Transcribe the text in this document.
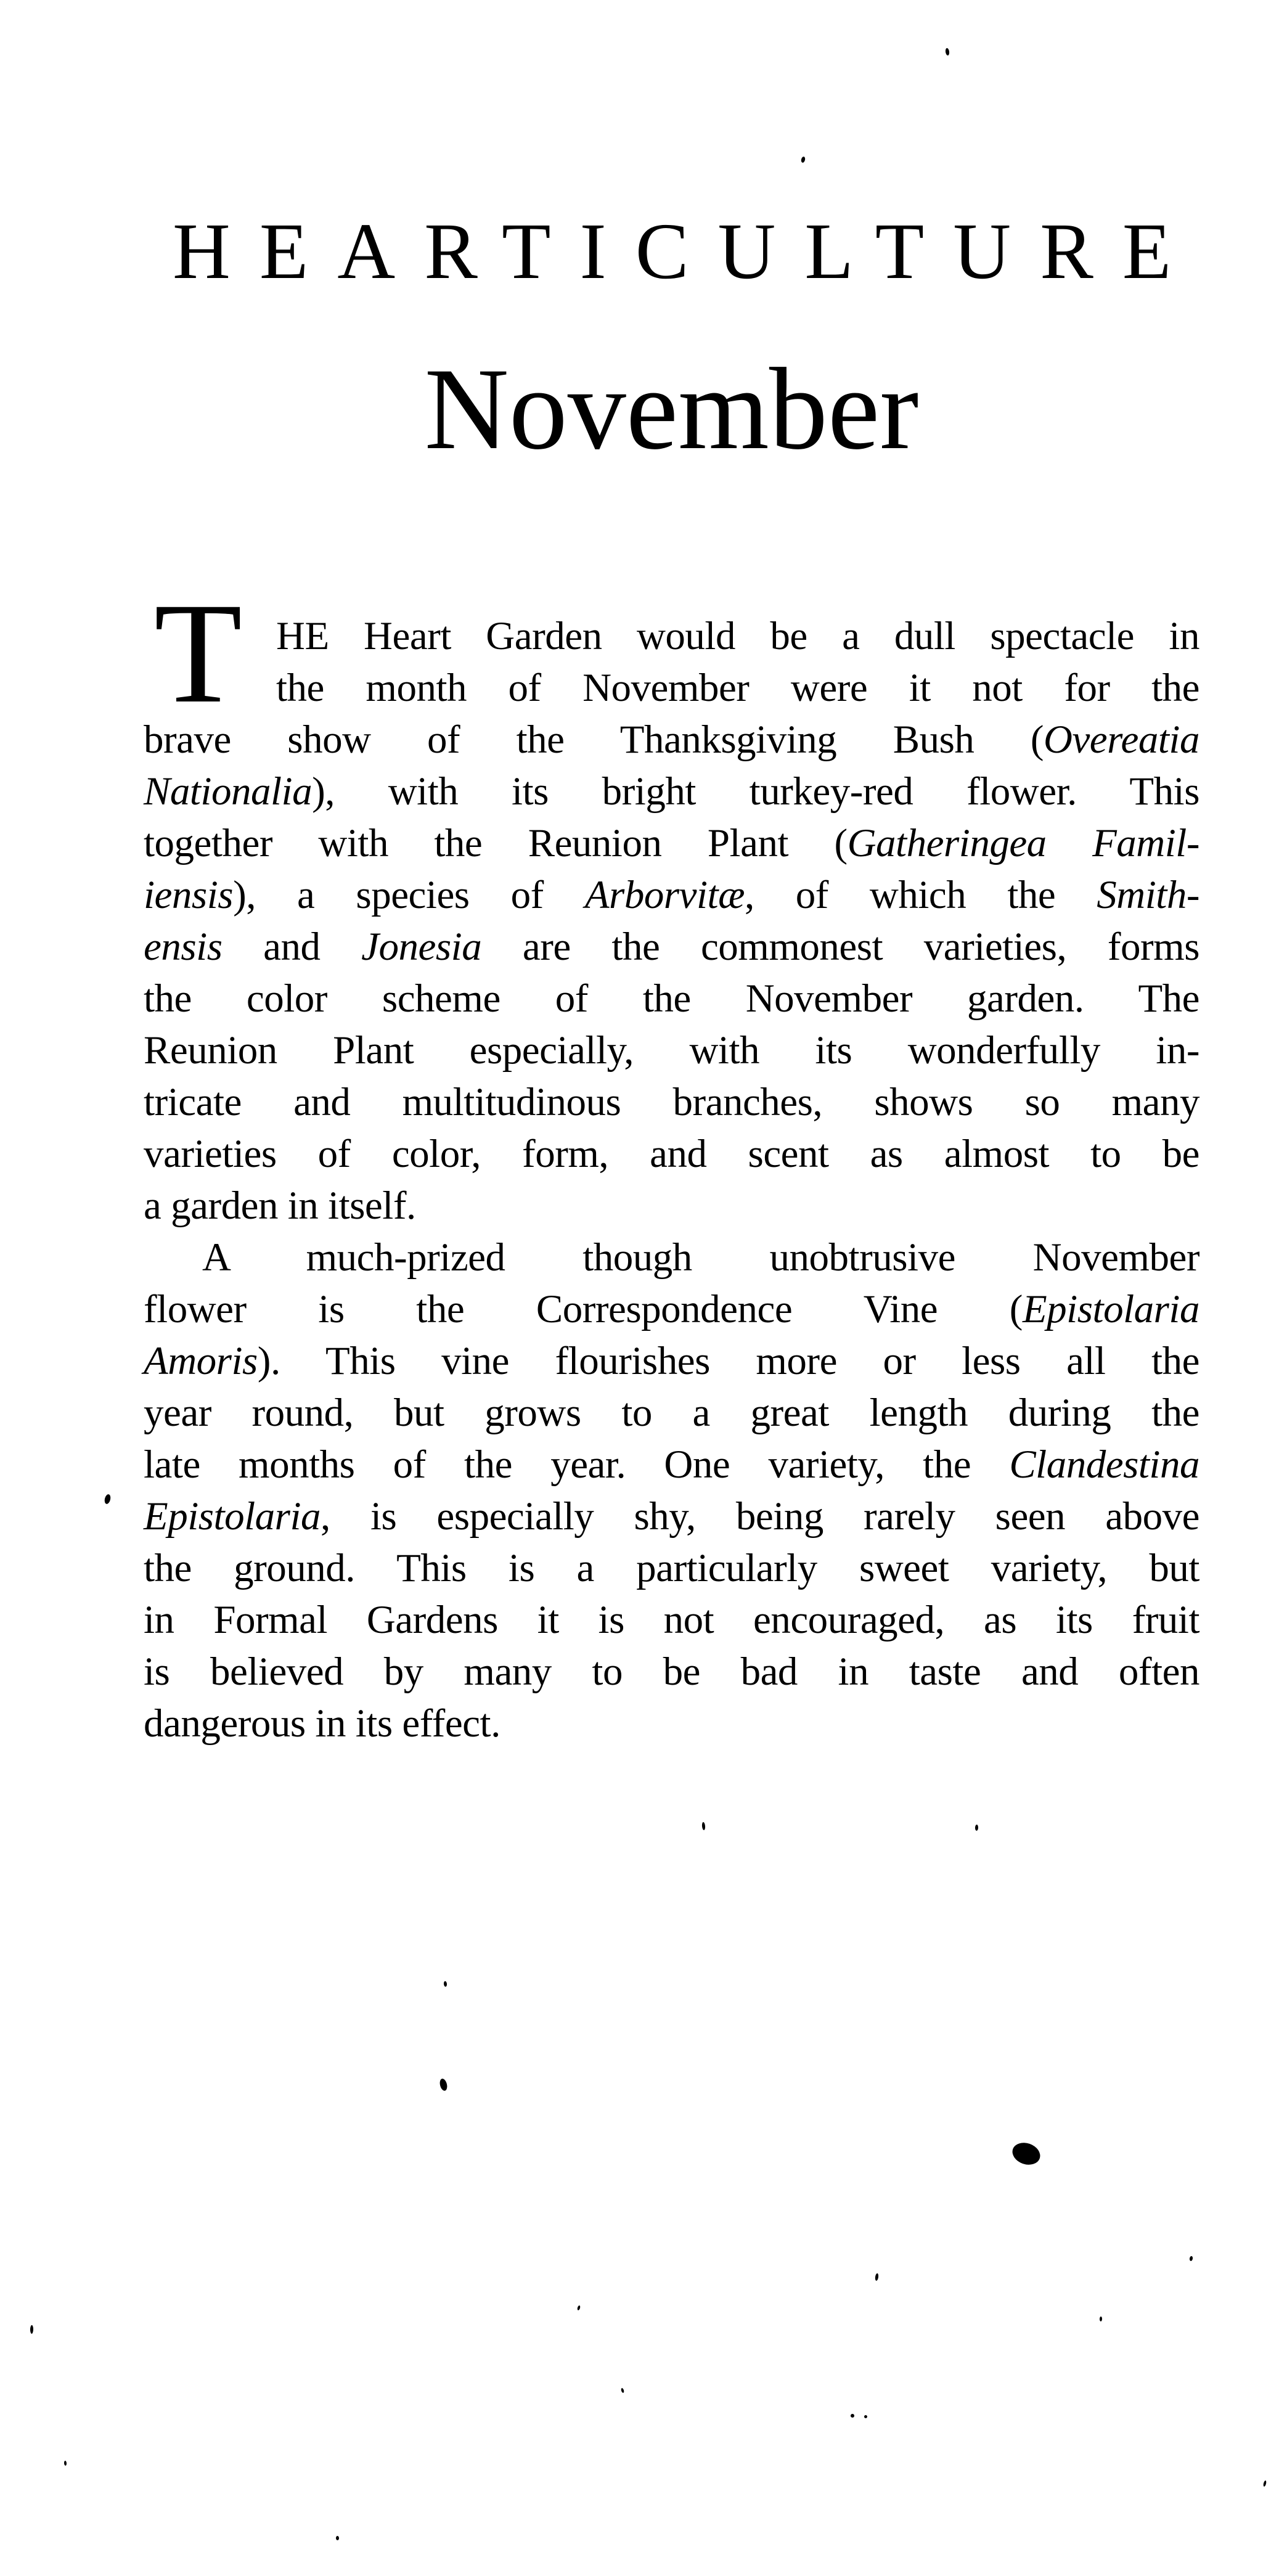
HEARTICULTURE
November
T HE Heart Garden would be a dull spectacle in
the month of November were it not for the
brave show of the Thanksgiving Bush (Overeatia
Nationalia), with its bright turkey-red flower. This
together with the Reunion Plant (Gatheringea Famil-
iensis), a species of Arborvitæ, of which the Smith-
ensis and Jonesia are the commonest varieties, forms
the color scheme of the November garden. The
Reunion Plant especially, with its wonderfully in-
tricate and multitudinous branches, shows so many
varieties of color, form, and scent as almost to be
a garden in itself.
A much-prized though unobtrusive November
flower is the Correspondence Vine (Epistolaria
Amoris). This vine flourishes more or less all the
year round, but grows to a great length during the
late months of the year. One variety, the Clandestina
Epistolaria, is especially shy, being rarely seen above
the ground. This is a particularly sweet variety, but
in Formal Gardens it is not encouraged, as its fruit
is believed by many to be bad in taste and often
dangerous in its effect.
